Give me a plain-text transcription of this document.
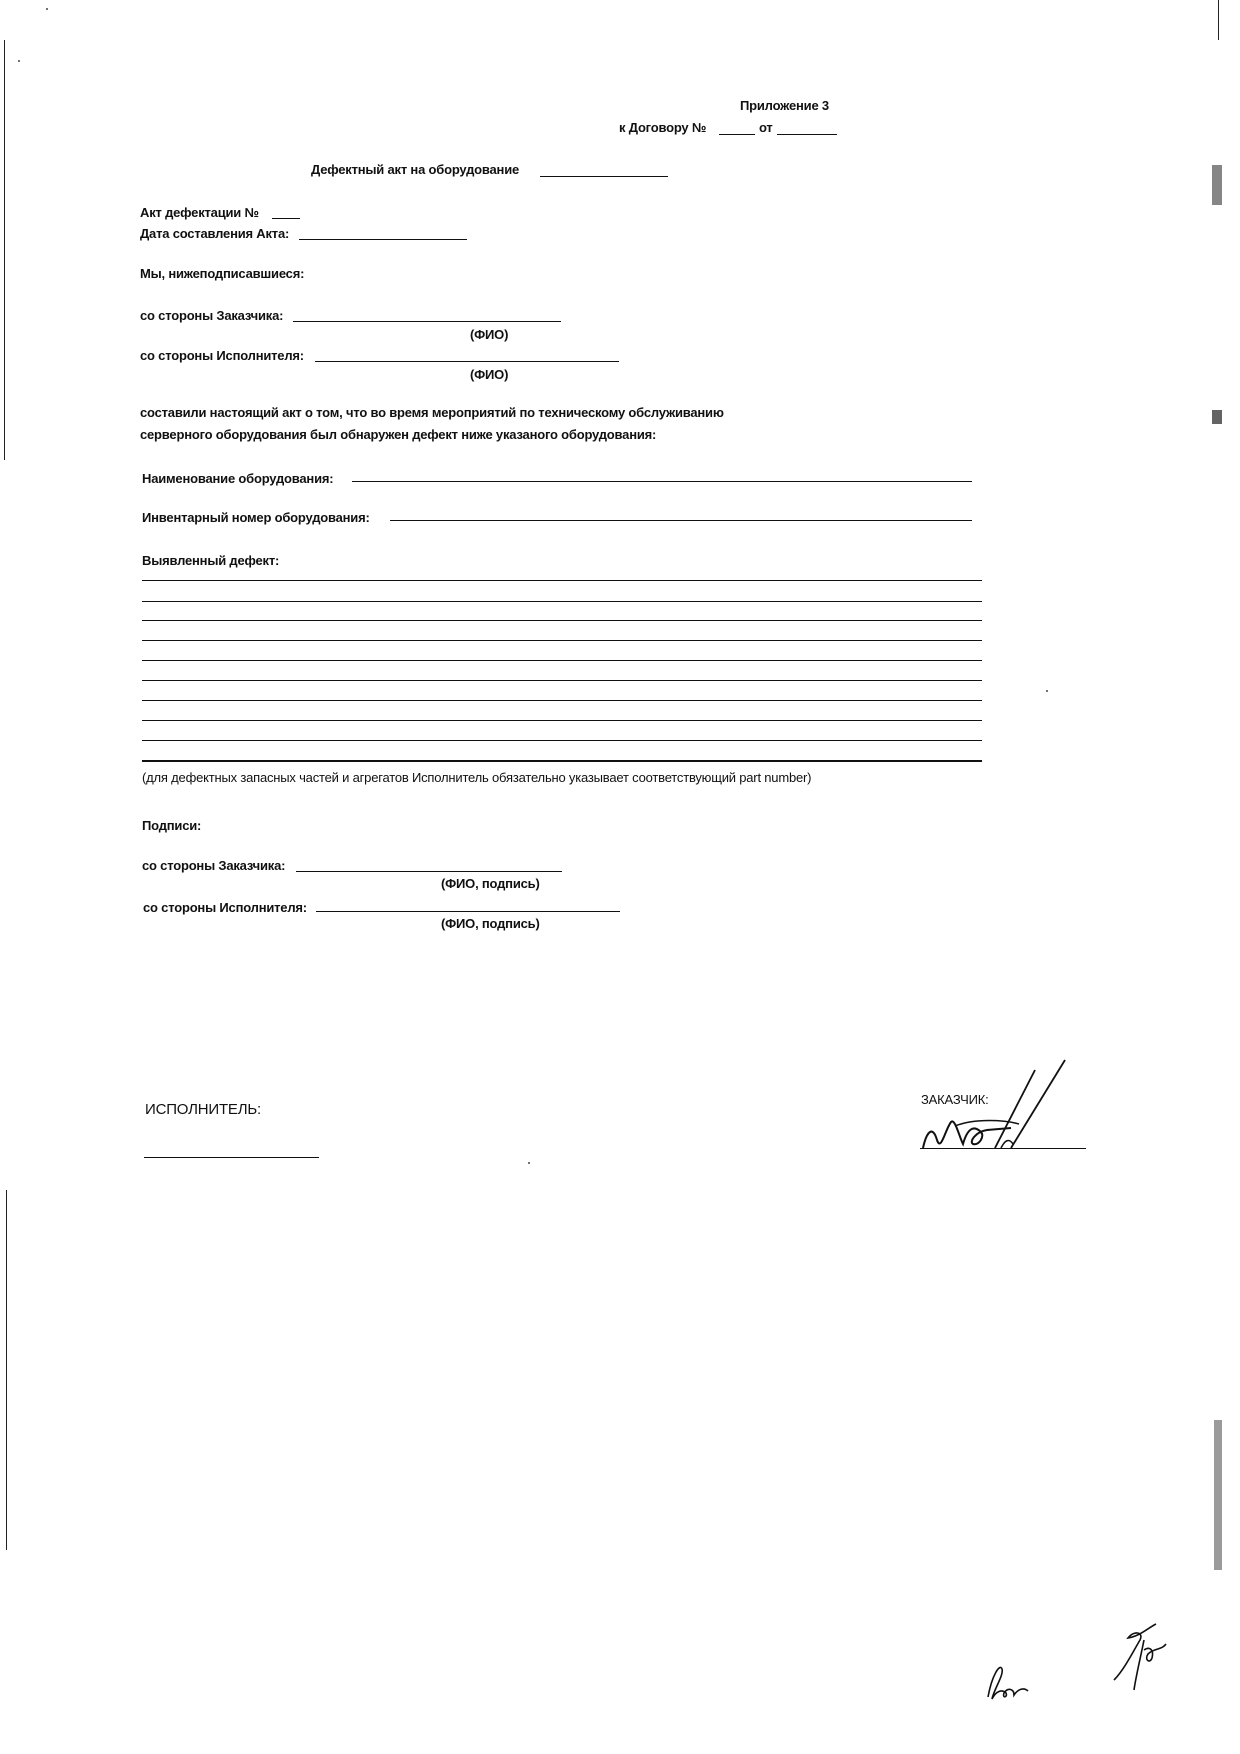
Приложение 3
к Договору №	от
Дефектный акт на оборудование
Акт дефектации №
Дата составления Акта:
Мы, нижеподписавшиеся:
со стороны Заказчика:
(ФИО)
со стороны Исполнителя:
(ФИО)
составили настоящий акт о том, что во время мероприятий по техническому обслуживанию
серверного оборудования был обнаружен дефект ниже указаного оборудования:
Наименование оборудования:
Инвентарный номер оборудования:
Выявленный дефект:
(для дефектных запасных частей и агрегатов Исполнитель обязательно указывает соответствующий part number)
Подписи:
со стороны Заказчика:
(ФИО, подпись)
со стороны Исполнителя:
(ФИО, подпись)
ИСПОЛНИТЕЛЬ:
ЗАКАЗЧИК:
